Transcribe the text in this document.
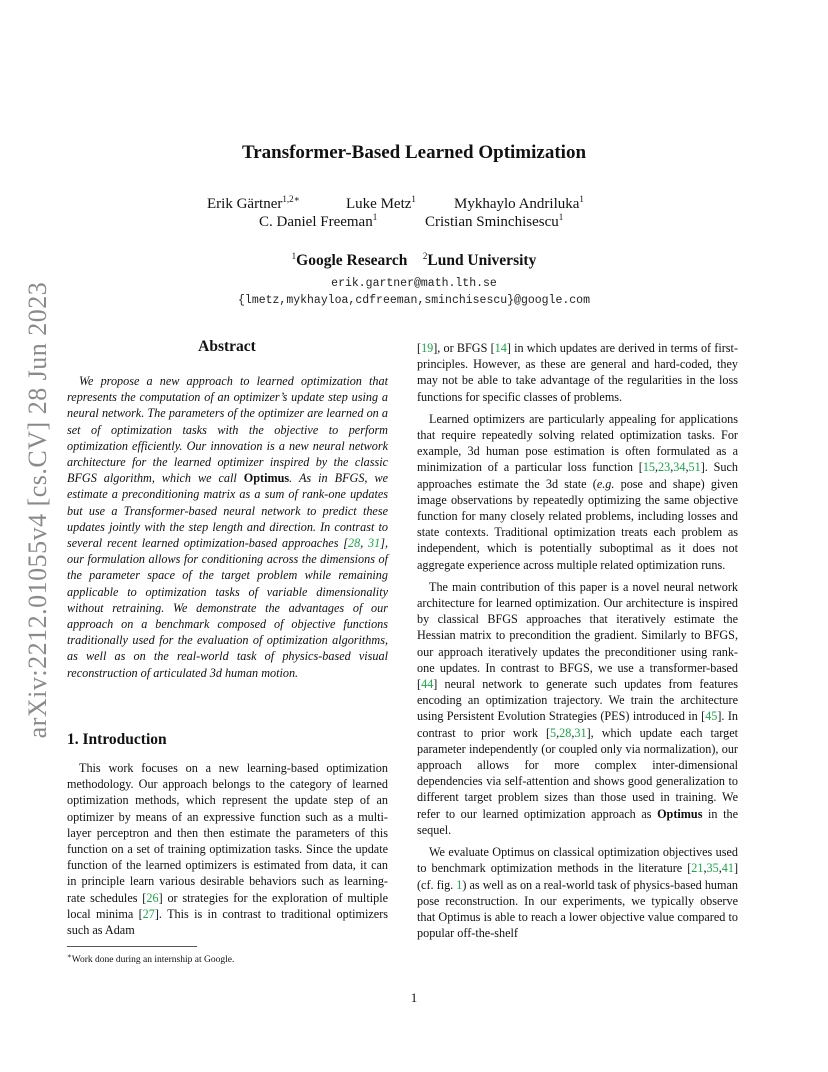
arXiv:2212.01055v4 [cs.CV] 28 Jun 2023
Transformer-Based Learned Optimization
Erik Gärtner$^{1,2∗}$	Luke Metz$^1$	Mykhaylo Andriluka$^1$
C. Daniel Freeman$^1$	Cristian Sminchisescu$^1$
$^1$Google Research $^2$Lund University
erik.gartner@math.lth.se
{lmetz,mykhayloa,cdfreeman,sminchisescu}@google.com
Abstract
We propose a new approach to learned optimization that represents the computation of an optimizer’s update step using a neural network. The parameters of the optimizer are learned on a set of optimization tasks with the objective to perform optimization efficiently. Our innovation is a new neural network architecture for the learned optimizer inspired by the classic BFGS algorithm, which we call Optimus. As in BFGS, we estimate a preconditioning matrix as a sum of rank-one updates but use a Transformer-based neural network to predict these updates jointly with the step length and direction. In contrast to several recent learned optimization-based approaches [28, 31], our formulation allows for conditioning across the dimensions of the parameter space of the target problem while remaining applicable to optimization tasks of variable dimensionality without retraining. We demonstrate the advantages of our approach on a benchmark composed of objective functions traditionally used for the evaluation of optimization algorithms, as well as on the real-world task of physics-based visual reconstruction of articulated 3d human motion.
1. Introduction
This work focuses on a new learning-based optimization methodology. Our approach belongs to the category of learned optimization methods, which represent the update step of an optimizer by means of an expressive function such as a multi-layer perceptron and then then estimate the parameters of this function on a set of training optimization tasks. Since the update function of the learned optimizers is estimated from data, it can in principle learn various desirable behaviors such as learning-rate schedules [26] or strategies for the exploration of multiple local minima [27]. This is in contrast to traditional optimizers such as Adam

[19], or BFGS [14] in which updates are derived in terms of first-principles. However, as these are general and hard-coded, they may not be able to take advantage of the regularities in the loss functions for specific classes of problems.

Learned optimizers are particularly appealing for applications that require repeatedly solving related optimization tasks. For example, 3d human pose estimation is often formulated as a minimization of a particular loss function [15,23,34,51]. Such approaches estimate the 3d state (e.g. pose and shape) given image observations by repeatedly optimizing the same objective function for many closely related problems, including losses and state contexts. Traditional optimization treats each problem as independent, which is potentially suboptimal as it does not aggregate experience across multiple related optimization runs.

The main contribution of this paper is a novel neural network architecture for learned optimization. Our architecture is inspired by classical BFGS approaches that iteratively estimate the Hessian matrix to precondition the gradient. Similarly to BFGS, our approach iteratively updates the preconditioner using rank-one updates. In contrast to BFGS, we use a transformer-based [44] neural network to generate such updates from features encoding an optimization trajectory. We train the architecture using Persistent Evolution Strategies (PES) introduced in [45]. In contrast to prior work [5,28,31], which update each target parameter independently (or coupled only via normalization), our approach allows for more complex inter-dimensional dependencies via self-attention and shows good generalization to different target problem sizes than those used in training. We refer to our learned optimization approach as Optimus in the sequel.

We evaluate Optimus on classical optimization objectives used to benchmark optimization methods in the literature [21,35,41] (cf. fig. 1) as well as on a real-world task of physics-based human pose reconstruction. In our experiments, we typically observe that Optimus is able to reach a lower objective value compared to popular off-the-shelf

∗Work done during an internship at Google.
1
